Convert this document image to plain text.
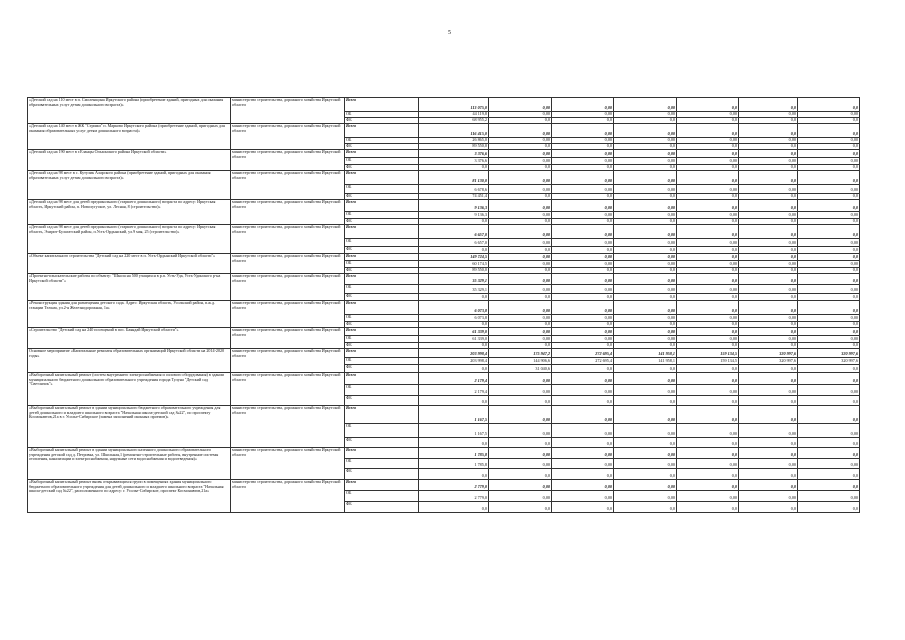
5
«Детский сад на 110 мест в п. Смоленщина Иркутского района (приобретение зданий, пригодных для оказания образовательных услуг детям дошкольного возраста)»	министерство строительства, дорожного хозяйства Иркутской области	Всего	113 075,0	0,00	0,00	0,00	0,0	0,0	0,0
		ОБ	44 119,8	0,00	0,00	0,00	0,00	0,00	0,00
		ФБ	68 955,2	0,0	0,0	0,0	0,0	0,0	0,0
«Детский сад на 140 мест в ЖК "Стрижи" п. Марково Иркутского района (приобретение зданий, пригодных для оказания образовательных услуг детям дошкольного возраста)»	министерство строительства, дорожного хозяйства Иркутской области	Всего	116 415,0	0,00	0,00	0,00	0,0	0,0	0,0
		ОБ	26 865,0	0,00	0,00	0,00	0,00	0,00	0,00
		ФБ	89 550,0	0,0	0,0	0,0	0,0	0,0	0,0
«Детский сад на 190 мест в г.Еланцы Ольхонского района Иркутской области»	министерство строительства, дорожного хозяйства Иркутской области	Всего	3 376,6	0,00	0,00	0,00	0,0	0,0	0,0
		ОБ	3 376,6	0,00	0,00	0,00	0,00	0,00	0,00
		ФБ	0,0	0,0	0,0	0,0	0,0	0,0	0,0
«Детский сад на 98 мест в с. Кутулик Аларского района (приобретение зданий, пригодных для оказания образовательных услуг детям дошкольного возраста)»	министерство строительства, дорожного хозяйства Иркутской области	Всего	81 130,0	0,00	0,00	0,00	0,0	0,0	0,0
		ОБ	6 678,6	0,00	0,00	0,00	0,00	0,00	0,00
		ФБ	74 451,4	0,0	0,0	0,0	0,0	0,0	0,0
«Детский сад на 98 мест для детей предшкольного (старшего дошкольного) возраста по адресу: Иркутская область, Иркутский район, п. Новолугуское, ул. Лесная, 8 (строительство)»	министерство строительства, дорожного хозяйства Иркутской области	Всего	9 136,3	0,00	0,00	0,00	0,0	0,0	0,0
		ОБ	9 136,3	0,00	0,00	0,00	0,00	0,00	0,00
		ФБ	0,0	0,0	0,0	0,0	0,0	0,0	0,0
«Детский сад на 98 мест для детей предшкольного (старшего дошкольного) возраста по адресу: Иркутская область, Эхирит-Булагатский район, п.Усть-Ордынский, ул.9 мая, 25 (строительство)»	министерство строительства, дорожного хозяйства Иркутской области	Всего	6 657,0	0,00	0,00	0,00	0,0	0,0	0,0
		ОБ	6 657,0	0,00	0,00	0,00	0,00	0,00	0,00
		ФБ	0,0	0,0	0,0	0,0	0,0	0,0	0,0
«Объект капитального строительства "Детский сад на 220 мест в п. Усть-Ордынский Иркутской области"»	министерство строительства, дорожного хозяйства Иркутской области	Всего	149 724,5	0,00	0,00	0,00	0,0	0,0	0,0
		ОБ	60 174,5	0,00	0,00	0,00	0,00	0,00	0,00
		ФБ	89 550,0	0,0	0,0	0,0	0,0	0,0	0,0
«Проектно-изыскательские работы по объекту: "Школа на 500 учащихся в р.п. Усть-Уда, Усть-Удинского р-на Иркутской области"»	министерство строительства, дорожного хозяйства Иркутской области	Всего	35 329,1	0,00	0,00	0,00	0,0	0,0	0,0
		ОБ	35 329,1	0,00	0,00	0,00	0,00	0,00	0,00
		ФБ	0,0	0,0	0,0	0,0	0,0	0,0	0,0
«Реконструкция здания для размещения детского сада. Адрес: Иркутская область, Усольский район, п.ж.д. станции Тельма, ул.2-я Железнодорожная, 1а»	министерство строительства, дорожного хозяйства Иркутской области	Всего	6 073,8	0,00	0,00	0,00	0,0	0,0	0,0
		ОБ	6 073,8	0,00	0,00	0,00	0,00	0,00	0,00
		ФБ	0,0	0,0	0,0	0,0	0,0	0,0	0,0
«Строительство "Детский сад на 240 посещений в пос. Баяндай Иркутской области"»	министерство строительства, дорожного хозяйства Иркутской области	Всего	61 339,0	0,00	0,00	0,00	0,0	0,0	0,0
		ОБ	61 339,0	0,00	0,00	0,00	0,00	0,00	0,00
		ФБ	0,0	0,0	0,0	0,0	0,0	0,0	0,0
Основное мероприятие «Капитальные ремонты образовательных организаций Иркутской области на 2014-2020 годы»	министерство строительства, дорожного хозяйства Иркутской области	Всего	203 998,4	175 947,2	272 695,4	141 958,1	159 134,5	320 997,6	320 997,6
		ОБ	203 998,4	144 906,6	272 695,4	141 958,1	159 134,5	320 997,6	320 997,6
		ФБ	0,0	31 040,6	0,0	0,0	0,0	0,0	0,0
«Выборочный капитальный ремонт (систем внутреннего электроснабжения и силового оборудования) в здании муниципального бюджетного дошкольного образовательного учреждения города Тулуна "Детский сад "Светлячок"»	министерство строительства, дорожного хозяйства Иркутской области	Всего	2 179,4	0,00	0,00	0,00	0,0	0,0	0,0
		ОБ	2 179,4	0,00	0,00	0,00	0,00	0,00	0,00
		ФБ	0,0	0,0	0,0	0,0	0,0	0,0	0,0
«Выборочный капитальный ремонт в здании муниципального бюджетного образовательного учреждения для детей дошкольного и младшего школьного возраста "Начальная школа-детский сад №22", по проспекту Космонавтов,21а в г. Усолье-Сибирское (замена заполнений оконных проемов)»	министерство строительства, дорожного хозяйства Иркутской области	Всего	1 167,5	0,00	0,00	0,00	0,0	0,0	0,0
		ОБ	1 167,5	0,00	0,00	0,00	0,00	0,00	0,00
		ФБ	0,0	0,0	0,0	0,0	0,0	0,0	0,0
«Выборочный капитальный ремонт в здании муниципального казенного дошкольного образовательного учреждения детский сад д. Петровка, ул. Школьная,1 (ремонтно-строительные работы, внутренние системы отопления, канализации и электроснабжения, наружные сети водоснабжения и водоотведения)»	министерство строительства, дорожного хозяйства Иркутской области	Всего	1 785,8	0,00	0,00	0,00	0,0	0,0	0,0
		ОБ	1 785,8	0,00	0,00	0,00	0,00	0,00	0,00
		ФБ	0,0	0,0	0,0	0,0	0,0	0,0	0,0
«Выборочный капитальный ремонт вновь открывающихся групп в помещениях здания муниципального бюджетного образовательного учреждения для детей дошкольного и младшего школьного возраста "Начальная школа-детский сад №22", расположенного по адресу: г. Усолье-Сибирское, проспект Космонавтов,21а»	министерство строительства, дорожного хозяйства Иркутской области	Всего	2 779,0	0,00	0,00	0,00	0,0	0,0	0,0
		ОБ	2 779,0	0,00	0,00	0,00	0,00	0,00	0,00
		ФБ	0,0	0,0	0,0	0,0	0,0	0,0	0,0
